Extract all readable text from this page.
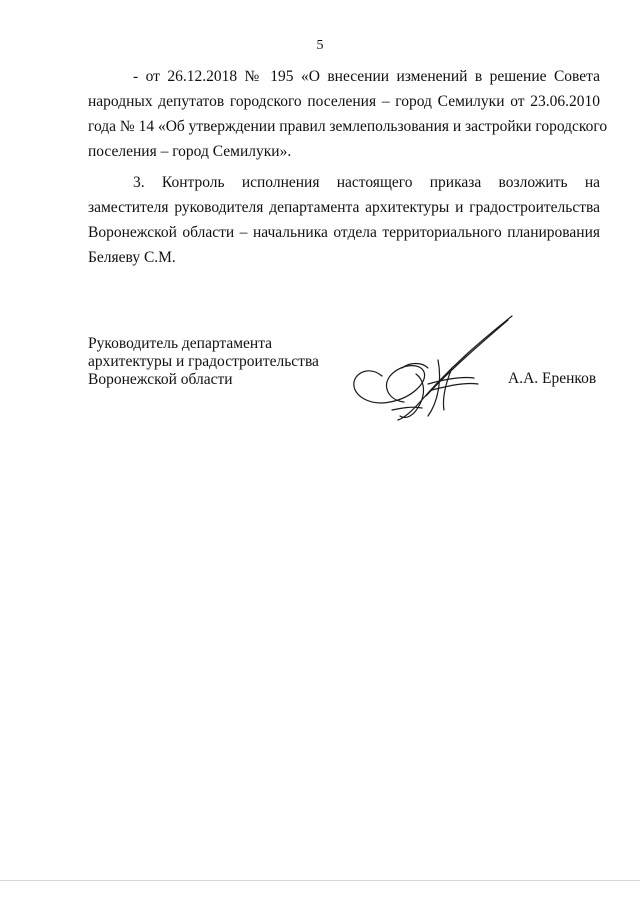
5
- от 26.12.2018 № 195 «О внесении изменений в решение Совета
народных депутатов городского поселения – город Семилуки от 23.06.2010
года № 14 «Об утверждении правил землепользования и застройки городского
поселения – город Семилуки».
3. Контроль исполнения настоящего приказа возложить на
заместителя руководителя департамента архитектуры и градостроительства
Воронежской области – начальника отдела территориального планирования
Беляеву С.М.
Руководитель департамента
архитектуры и градостроительства
Воронежской области	А.А. Еренков
